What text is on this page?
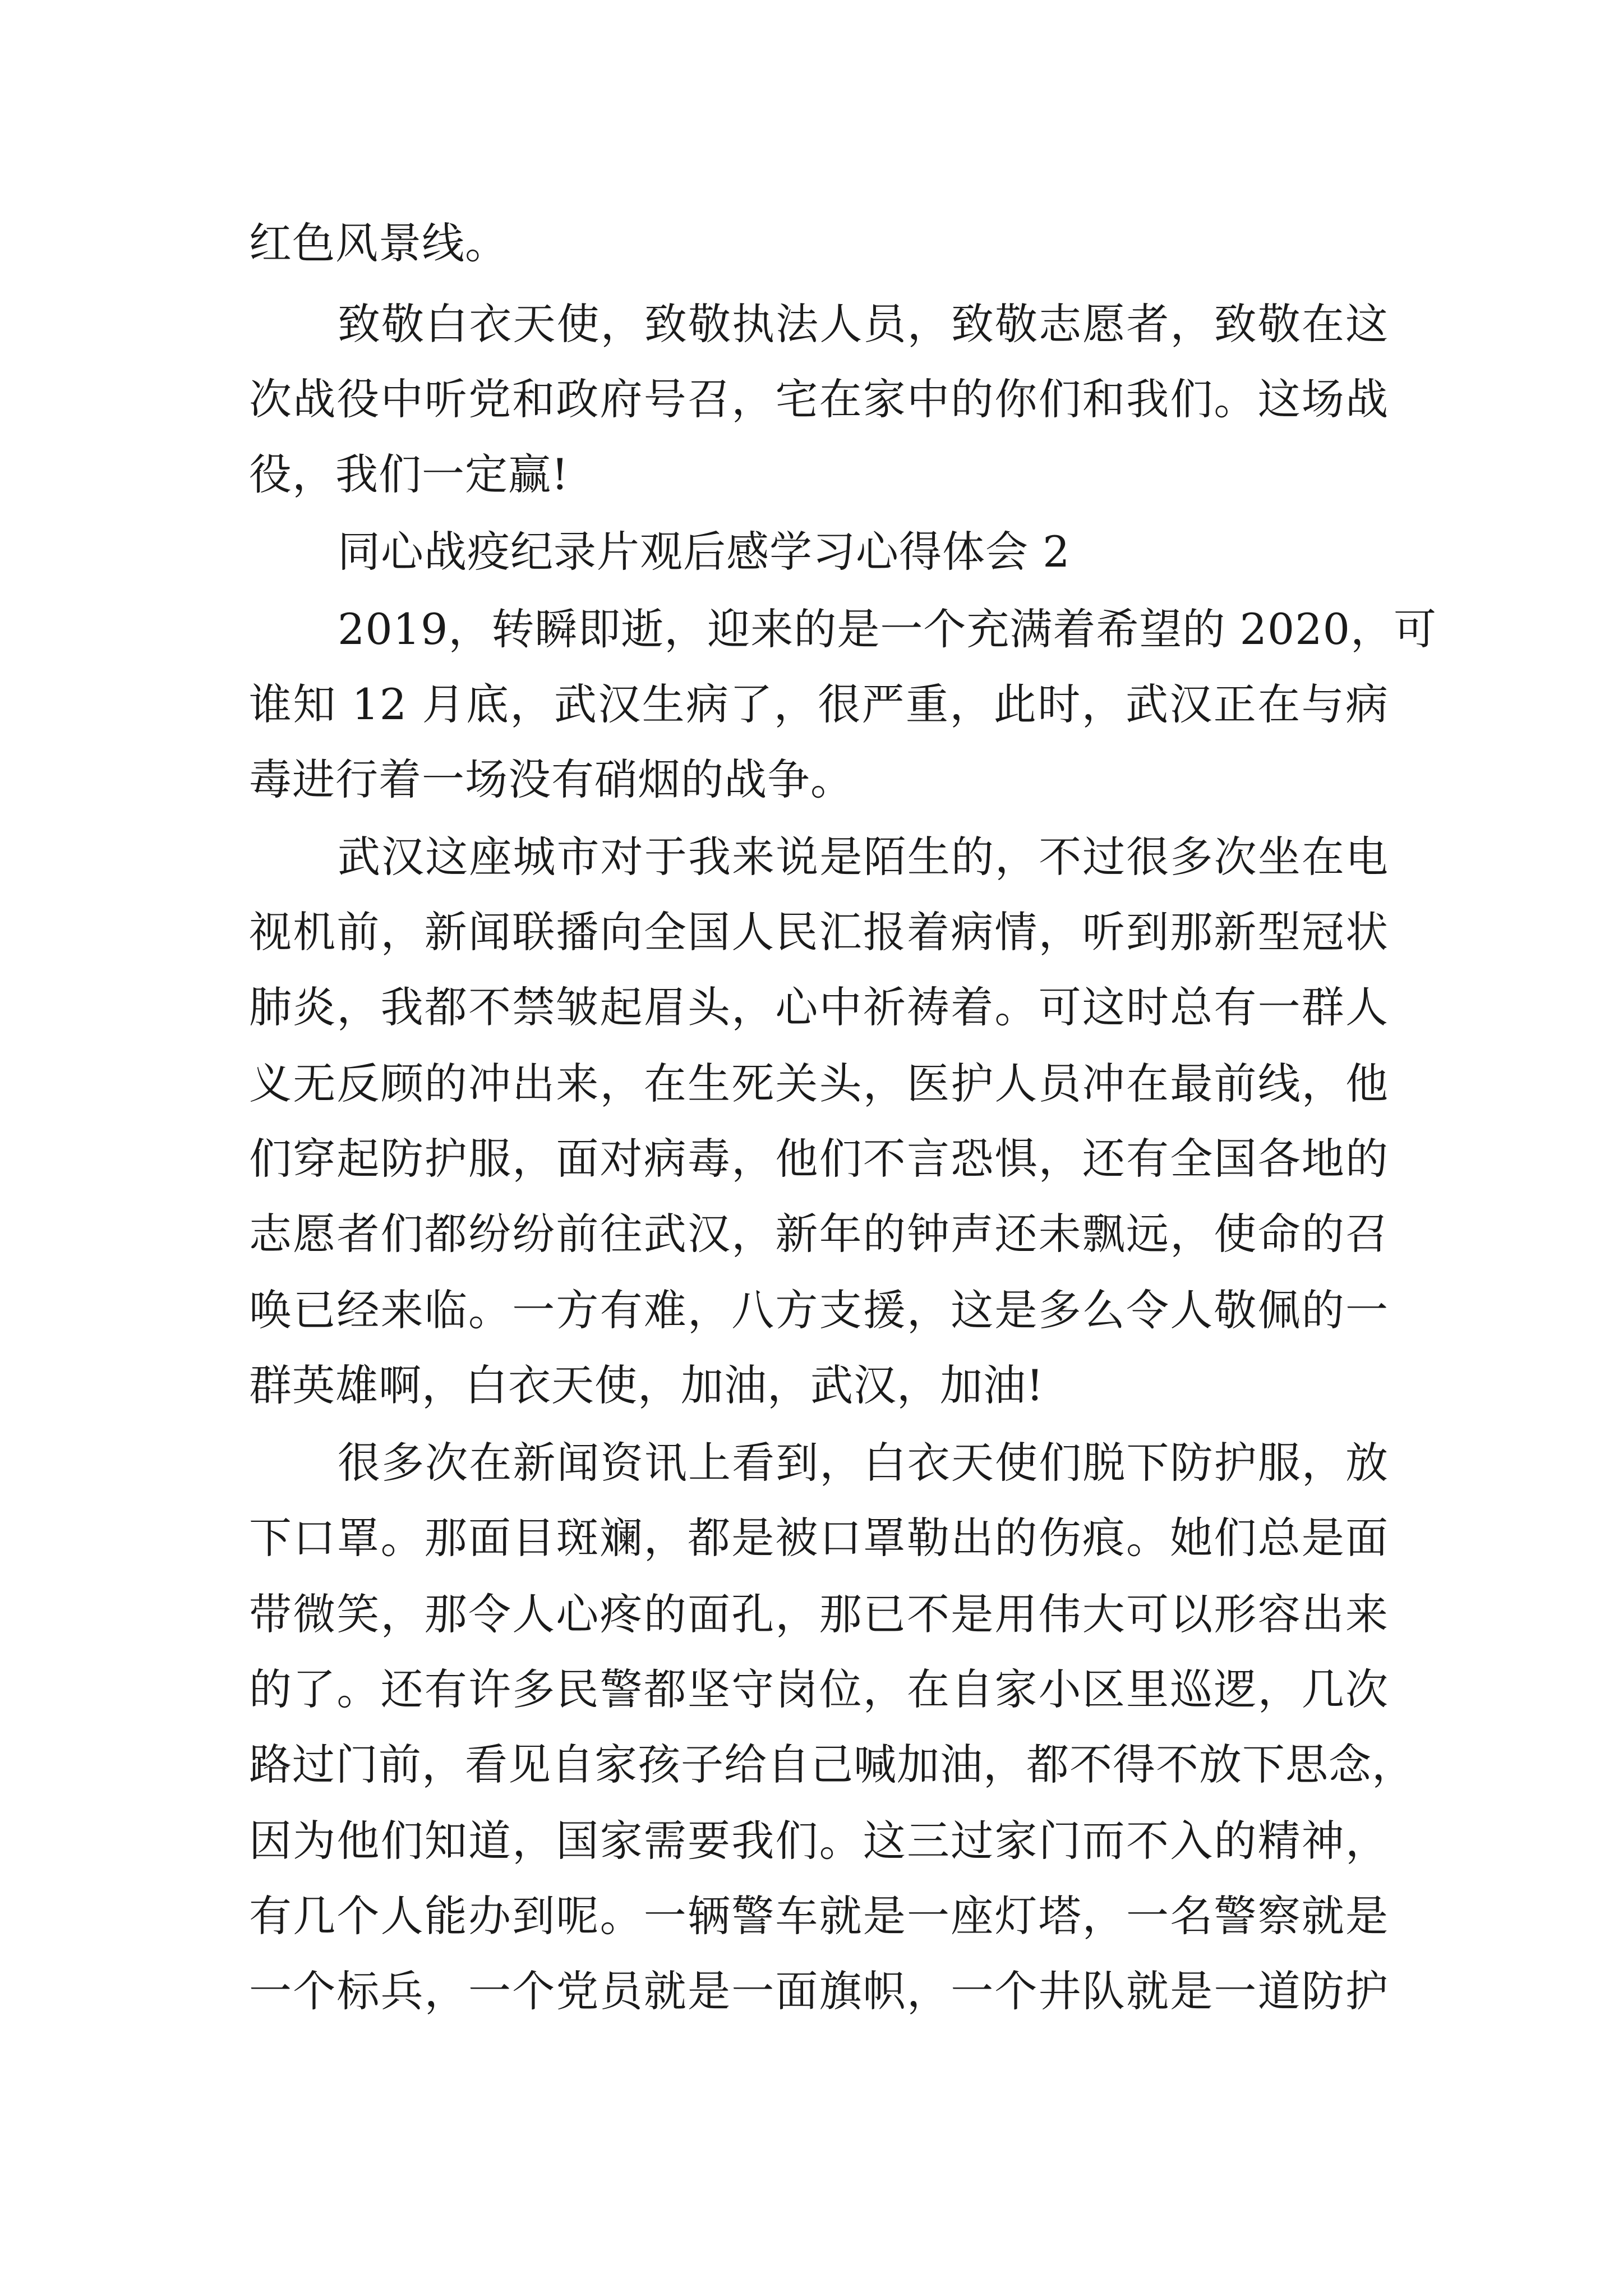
红色风景线。
致敬白衣天使，致敬执法人员，致敬志愿者，致敬在这
次战役中听党和政府号召，宅在家中的你们和我们。这场战
役，我们一定赢!
同心战疫纪录片观后感学习心得体会 2
2019，转瞬即逝，迎来的是一个充满着希望的 2020，可
谁知 12 月底，武汉生病了，很严重，此时，武汉正在与病
毒进行着一场没有硝烟的战争。
武汉这座城市对于我来说是陌生的，不过很多次坐在电
视机前，新闻联播向全国人民汇报着病情，听到那新型冠状
肺炎，我都不禁皱起眉头，心中祈祷着。可这时总有一群人
义无反顾的冲出来，在生死关头，医护人员冲在最前线，他
们穿起防护服，面对病毒，他们不言恐惧，还有全国各地的
志愿者们都纷纷前往武汉，新年的钟声还未飘远，使命的召
唤已经来临。一方有难，八方支援，这是多么令人敬佩的一
群英雄啊，白衣天使，加油，武汉，加油!
很多次在新闻资讯上看到，白衣天使们脱下防护服，放
下口罩。那面目斑斓，都是被口罩勒出的伤痕。她们总是面
带微笑，那令人心疼的面孔，那已不是用伟大可以形容出来
的了。还有许多民警都坚守岗位，在自家小区里巡逻，几次
路过门前，看见自家孩子给自己喊加油，都不得不放下思念，
因为他们知道，国家需要我们。这三过家门而不入的精神，
有几个人能办到呢。一辆警车就是一座灯塔，一名警察就是
一个标兵，一个党员就是一面旗帜，一个井队就是一道防护
